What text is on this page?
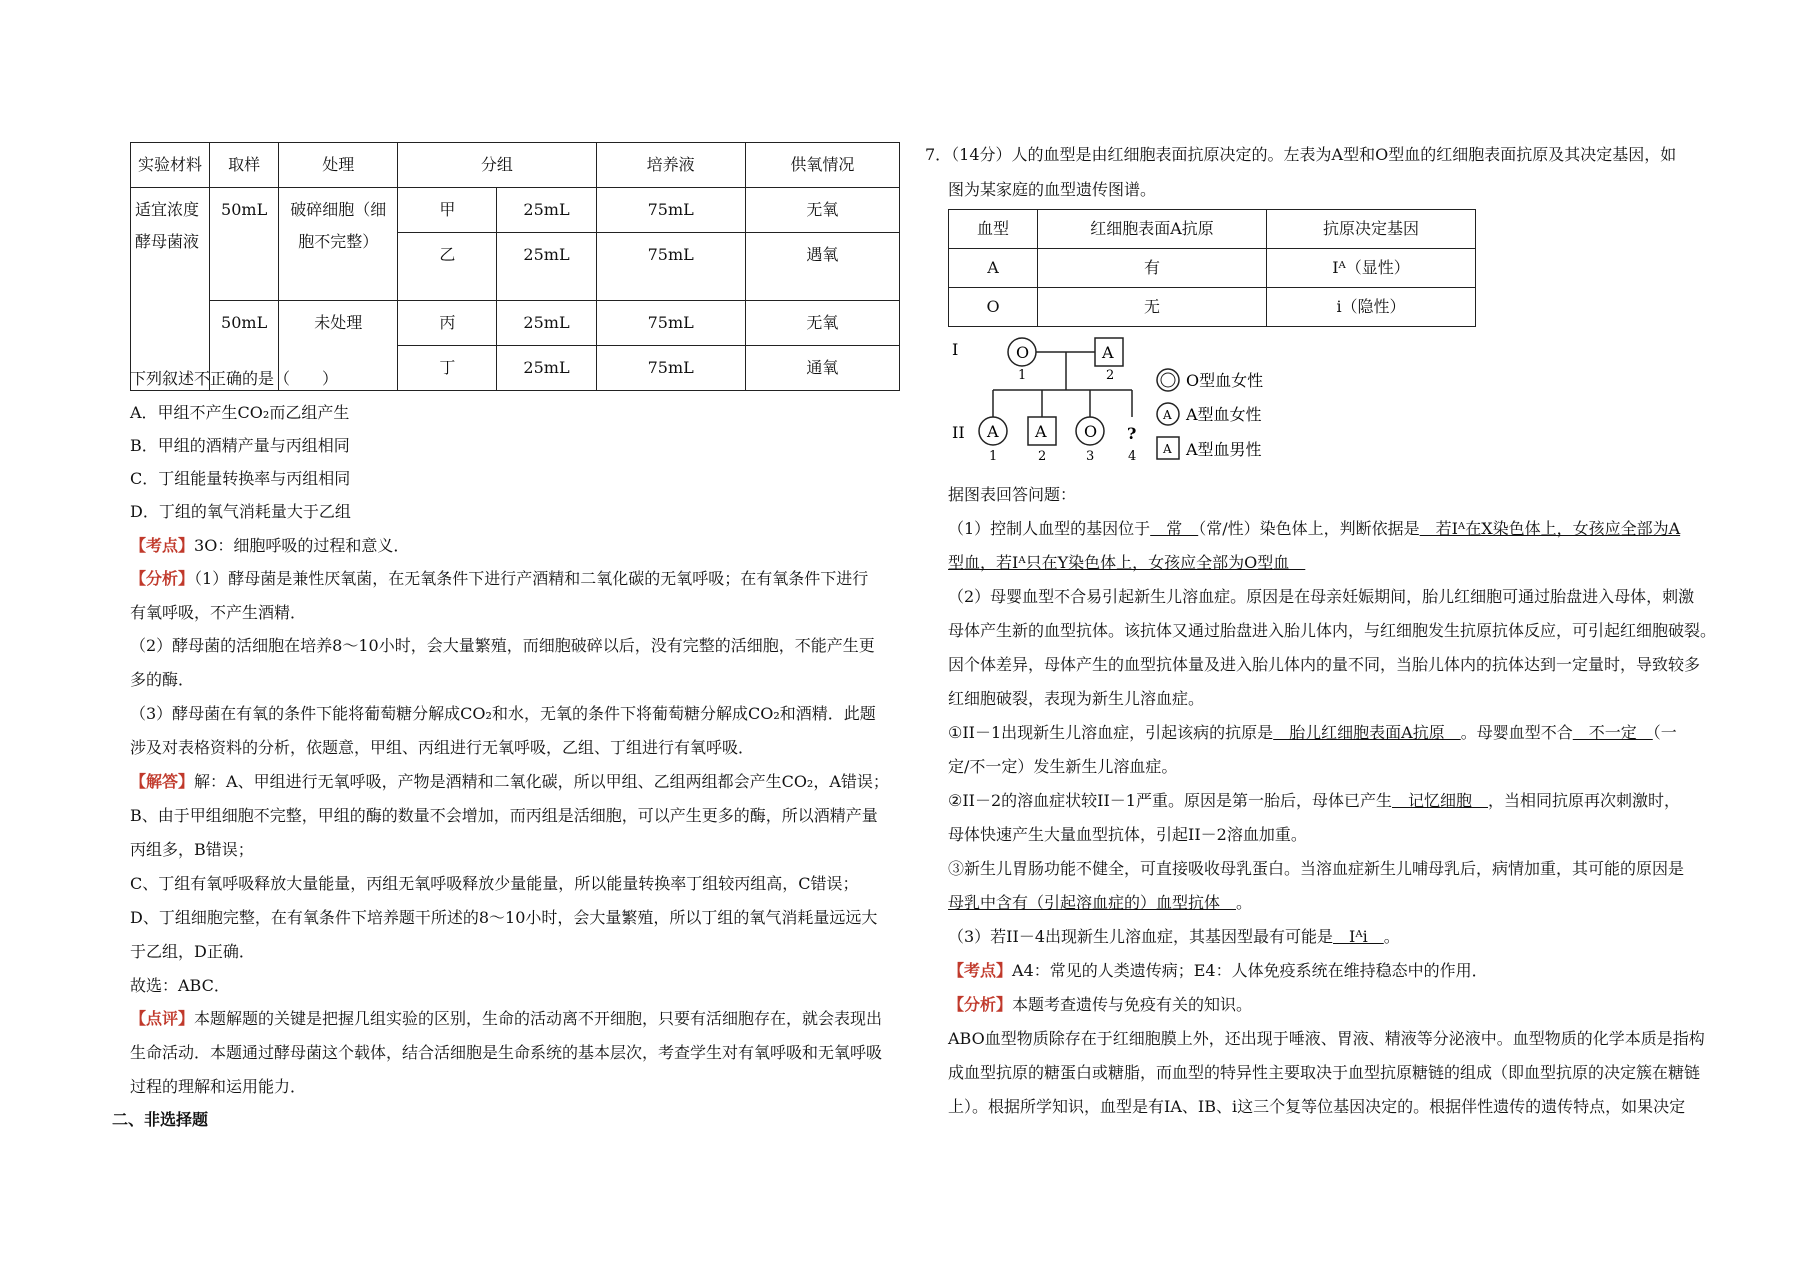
实验材料	取样	处理	分组		培养液	供氧情况
适宜浓度酵母菌液	50mL	破碎细胞（细胞不完整）	甲	25mL	75mL	无氧
			乙	25mL	75mL	遇氧
	50mL	未处理	丙	25mL	75mL	无氧
			丁	25mL	75mL	通氧
下列叙述不正确的是（　　）
A．甲组不产生CO₂而乙组产生
B．甲组的酒精产量与丙组相同
C．丁组能量转换率与丙组相同
D．丁组的氧气消耗量大于乙组
【考点】3O：细胞呼吸的过程和意义．
【分析】（1）酵母菌是兼性厌氧菌，在无氧条件下进行产酒精和二氧化碳的无氧呼吸；在有氧条件下进行
有氧呼吸，不产生酒精．
（2）酵母菌的活细胞在培养8～10小时，会大量繁殖，而细胞破碎以后，没有完整的活细胞，不能产生更
多的酶．
（3）酵母菌在有氧的条件下能将葡萄糖分解成CO₂和水，无氧的条件下将葡萄糖分解成CO₂和酒精．此题
涉及对表格资料的分析，依题意，甲组、丙组进行无氧呼吸，乙组、丁组进行有氧呼吸．
【解答】解：A、甲组进行无氧呼吸，产物是酒精和二氧化碳，所以甲组、乙组两组都会产生CO₂，A错误；
B、由于甲组细胞不完整，甲组的酶的数量不会增加，而丙组是活细胞，可以产生更多的酶，所以酒精产量
丙组多，B错误；
C、丁组有氧呼吸释放大量能量，丙组无氧呼吸释放少量能量，所以能量转换率丁组较丙组高，C错误；
D、丁组细胞完整，在有氧条件下培养题干所述的8～10小时，会大量繁殖，所以丁组的氧气消耗量远远大
于乙组，D正确．
故选：ABC．
【点评】本题解题的关键是把握几组实验的区别，生命的活动离不开细胞，只要有活细胞存在，就会表现出
生命活动．本题通过酵母菌这个载体，结合活细胞是生命系统的基本层次，考查学生对有氧呼吸和无氧呼吸
过程的理解和运用能力．
二、非选择题
7．（14分）人的血型是由红细胞表面抗原决定的。左表为A型和O型血的红细胞表面抗原及其决定基因，如
图为某家庭的血型遗传图谱。
血型	红细胞表面A抗原	抗原决定基因
A	有	Iᴬ（显性）
O	无	i（隐性）
I
II
O
1
A
2
A
1
A
2
O
3
?
4
O型血女性
A A型血女性
A A型血男性
据图表回答问题：
（1）控制人血型的基因位于　常　（常/性）染色体上，判断依据是　若Iᴬ在X染色体上，女孩应全部为A
型血，若Iᴬ只在Y染色体上，女孩应全部为O型血　
（2）母婴血型不合易引起新生儿溶血症。原因是在母亲妊娠期间，胎儿红细胞可通过胎盘进入母体，刺激
母体产生新的血型抗体。该抗体又通过胎盘进入胎儿体内，与红细胞发生抗原抗体反应，可引起红细胞破裂。
因个体差异，母体产生的血型抗体量及进入胎儿体内的量不同，当胎儿体内的抗体达到一定量时，导致较多
红细胞破裂，表现为新生儿溶血症。
①II－1出现新生儿溶血症，引起该病的抗原是　胎儿红细胞表面A抗原　。母婴血型不合　不一定　（一
定/不一定）发生新生儿溶血症。
②II－2的溶血症状较II－1严重。原因是第一胎后，母体已产生　记忆细胞　，当相同抗原再次刺激时，
母体快速产生大量血型抗体，引起II－2溶血加重。
③新生儿胃肠功能不健全，可直接吸收母乳蛋白。当溶血症新生儿哺母乳后，病情加重，其可能的原因是
母乳中含有（引起溶血症的）血型抗体　。
（3）若II－4出现新生儿溶血症，其基因型最有可能是　Iᴬi　。
【考点】A4：常见的人类遗传病；E4：人体免疫系统在维持稳态中的作用．
【分析】本题考查遗传与免疫有关的知识。
ABO血型物质除存在于红细胞膜上外，还出现于唾液、胃液、精液等分泌液中。血型物质的化学本质是指构
成血型抗原的糖蛋白或糖脂，而血型的特异性主要取决于血型抗原糖链的组成（即血型抗原的决定簇在糖链
上）。根据所学知识，血型是有IA、IB、i这三个复等位基因决定的。根据伴性遗传的遗传特点，如果决定
